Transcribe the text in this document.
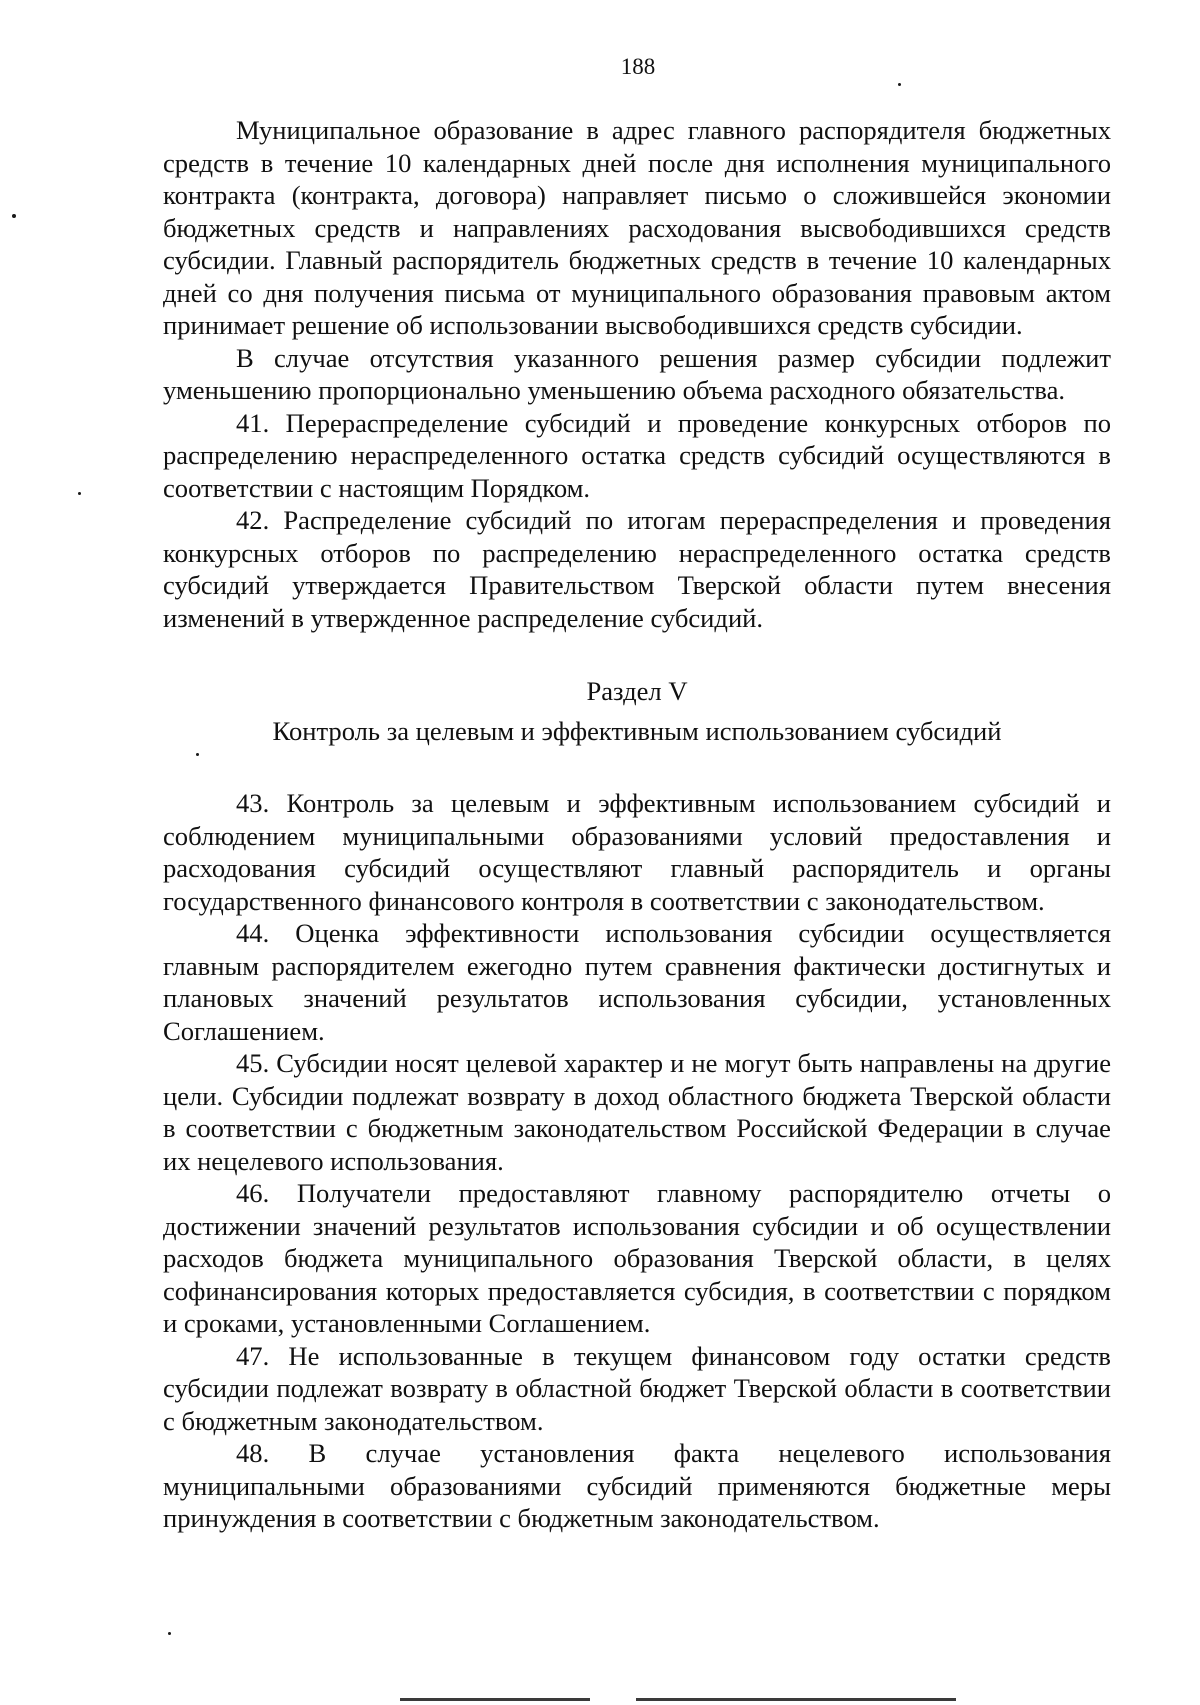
188

Муниципальное образование в адрес главного распорядителя бюджетных средств в течение 10 календарных дней после дня исполнения муниципального контракта (контракта, договора) направляет письмо о сложившейся экономии бюджетных средств и направлениях расходования высвободившихся средств субсидии. Главный распорядитель бюджетных средств в течение 10 календарных дней со дня получения письма от муниципального образования правовым актом принимает решение об использовании высвободившихся средств субсидии.

В случае отсутствия указанного решения размер субсидии подлежит уменьшению пропорционально уменьшению объема расходного обязательства.

41. Перераспределение субсидий и проведение конкурсных отборов по распределению нераспределенного остатка средств субсидий осуществляются в соответствии с настоящим Порядком.

42. Распределение субсидий по итогам перераспределения и проведения конкурсных отборов по распределению нераспределенного остатка средств субсидий утверждается Правительством Тверской области путем внесения изменений в утвержденное распределение субсидий.

Раздел V

Контроль за целевым и эффективным использованием субсидий

43. Контроль за целевым и эффективным использованием субсидий и соблюдением муниципальными образованиями условий предоставления и расходования субсидий осуществляют главный распорядитель и органы государственного финансового контроля в соответствии с законодательством.

44. Оценка эффективности использования субсидии осуществляется главным распорядителем ежегодно путем сравнения фактически достигнутых и плановых значений результатов использования субсидии, установленных Соглашением.

45. Субсидии носят целевой характер и не могут быть направлены на другие цели. Субсидии подлежат возврату в доход областного бюджета Тверской области в соответствии с бюджетным законодательством Российской Федерации в случае их нецелевого использования.

46. Получатели предоставляют главному распорядителю отчеты о достижении значений результатов использования субсидии и об осуществлении расходов бюджета муниципального образования Тверской области, в целях софинансирования которых предоставляется субсидия, в соответствии с порядком и сроками, установленными Соглашением.

47. Не использованные в текущем финансовом году остатки средств субсидии подлежат возврату в областной бюджет Тверской области в соответствии с бюджетным законодательством.

48. В случае установления факта нецелевого использования муниципальными образованиями субсидий применяются бюджетные меры принуждения в соответствии с бюджетным законодательством.
